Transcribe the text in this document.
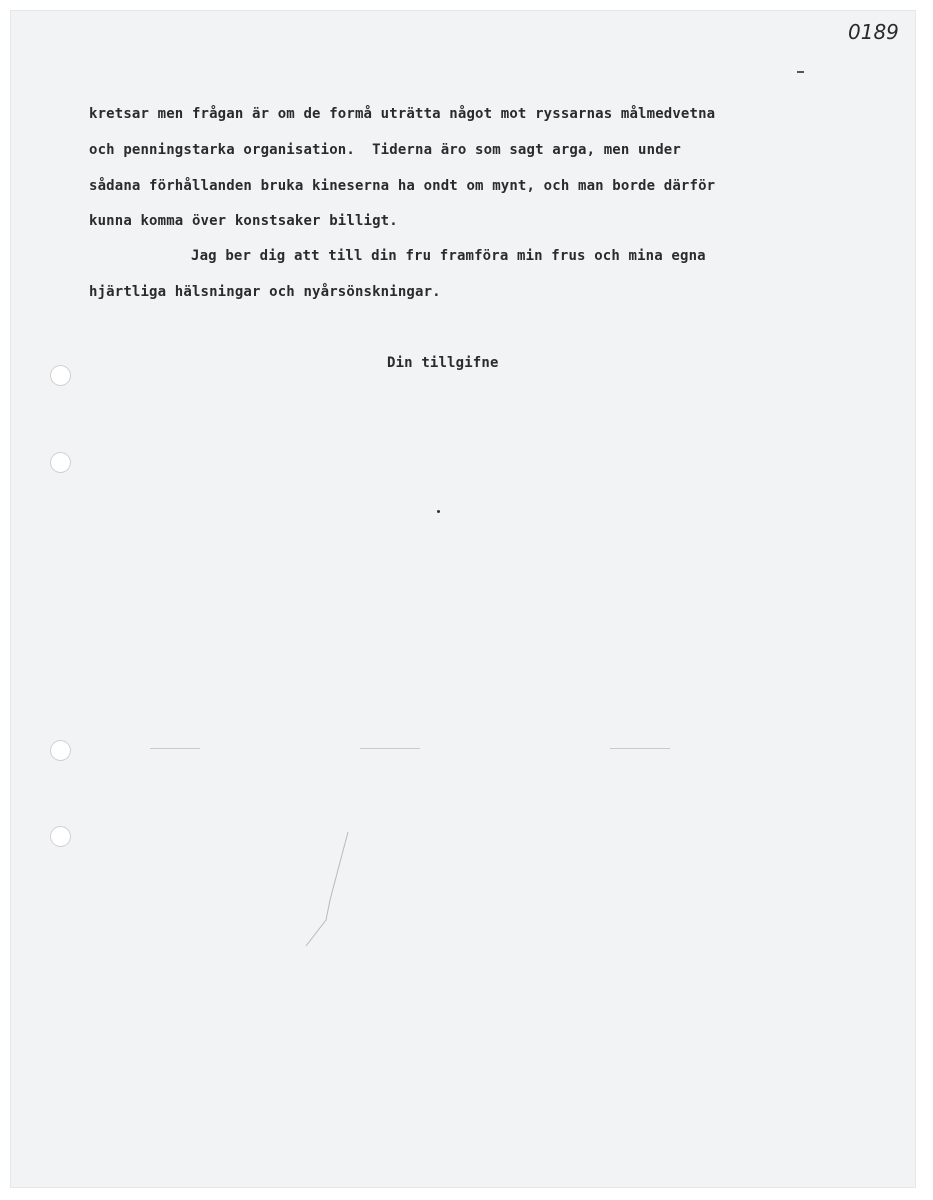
0189
kretsar men frågan är om de formå uträtta något mot ryssarnas målmedvetna
och penningstarka organisation.  Tiderna äro som sagt arga, men under
sådana förhållanden bruka kineserna ha ondt om mynt, och man borde därför
kunna komma över konstsaker billigt.
Jag ber dig att till din fru framföra min frus och mina egna
hjärtliga hälsningar och nyårsönskningar.
Din tillgifne
